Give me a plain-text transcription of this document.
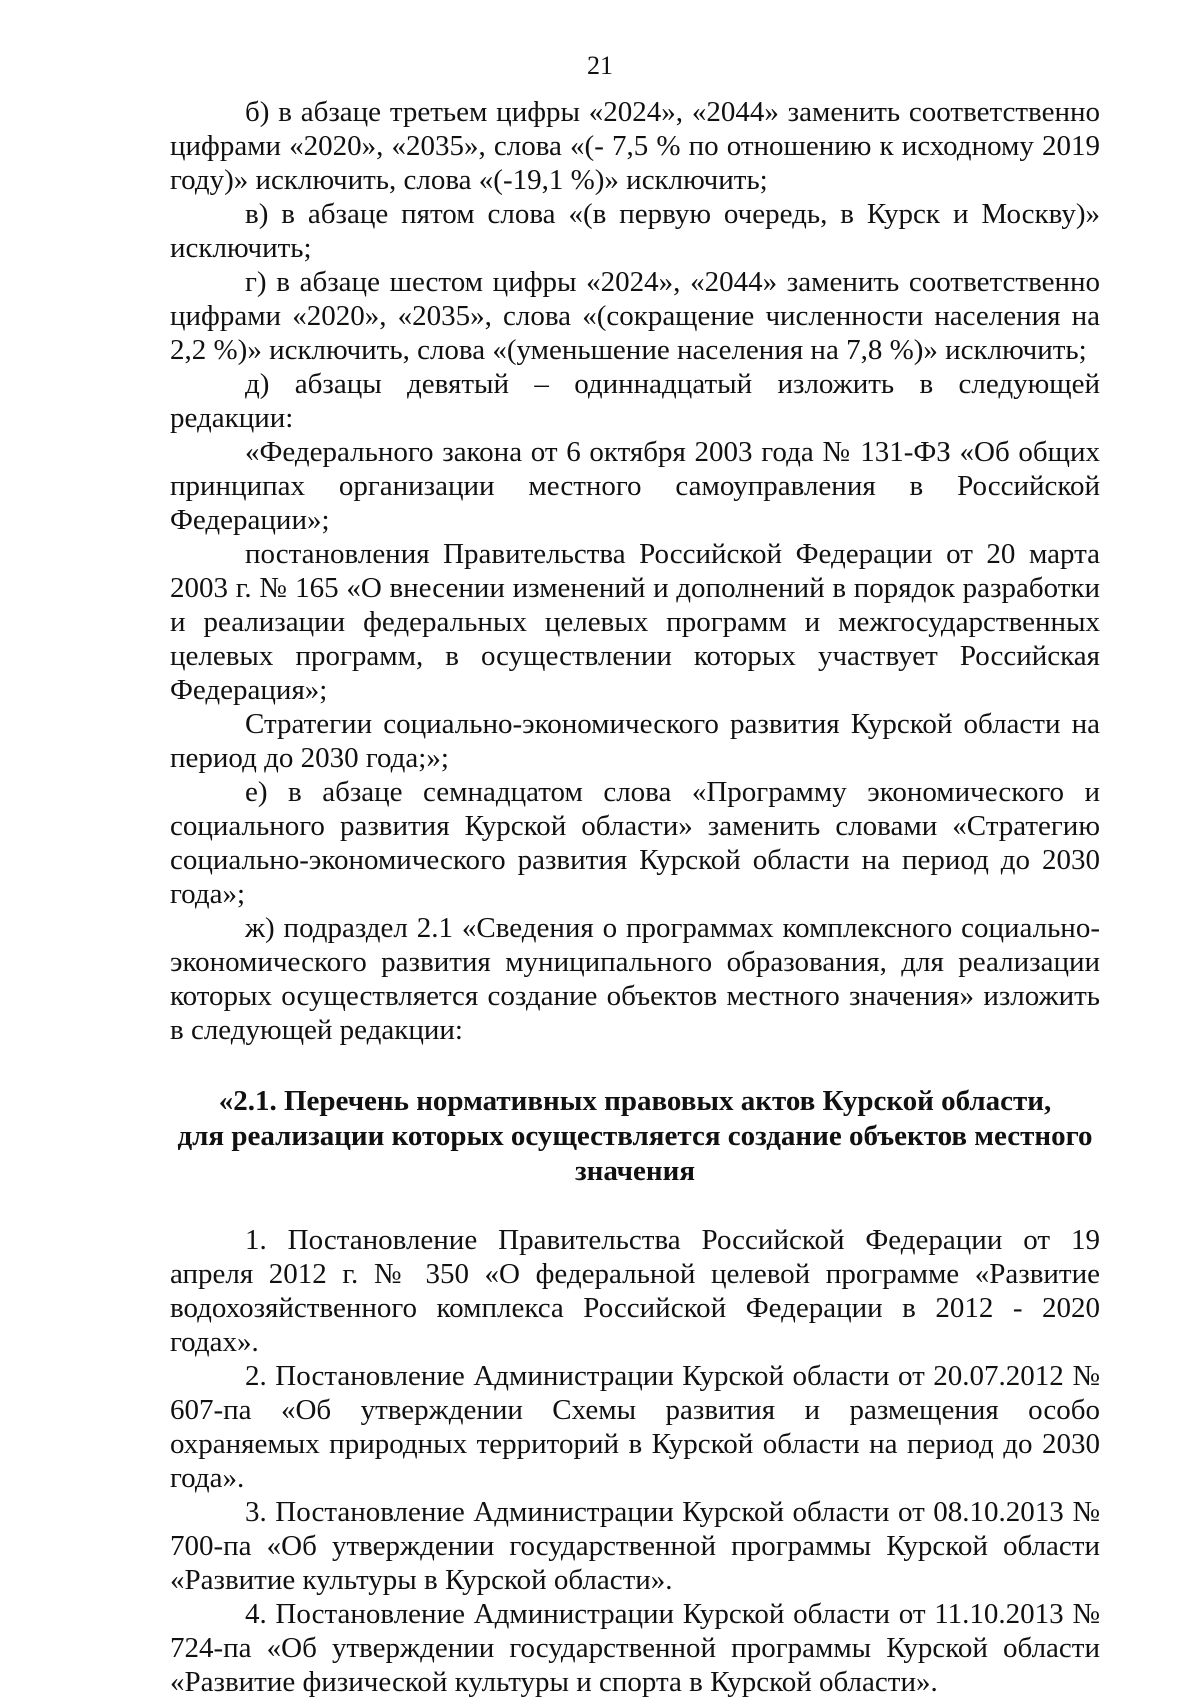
21

б) в абзаце третьем цифры «2024», «2044» заменить соответственно цифрами «2020», «2035», слова «(- 7,5 % по отношению к исходному 2019 году)» исключить, слова «(-19,1 %)» исключить;

в) в абзаце пятом слова «(в первую очередь, в Курск и Москву)» исключить;

г) в абзаце шестом цифры «2024», «2044» заменить соответственно цифрами «2020», «2035», слова «(сокращение численности населения на 2,2 %)» исключить, слова «(уменьшение населения на 7,8 %)» исключить;

д) абзацы девятый – одиннадцатый изложить в следующей редакции:

«Федерального закона от 6 октября 2003 года № 131-ФЗ «Об общих принципах организации местного самоуправления в Российской Федерации»;

постановления Правительства Российской Федерации от 20 марта 2003 г. № 165 «О внесении изменений и дополнений в порядок разработки и реализации федеральных целевых программ и межгосударственных целевых программ, в осуществлении которых участвует Российская Федерация»;

Стратегии социально-экономического развития Курской области на период до 2030 года;»;

е) в абзаце семнадцатом слова «Программу экономического и социального развития Курской области» заменить словами «Стратегию социально-экономического развития Курской области на период до 2030 года»;

ж) подраздел 2.1 «Сведения о программах комплексного социально-экономического развития муниципального образования, для реализации которых осуществляется создание объектов местного значения» изложить в следующей редакции:

«2.1. Перечень нормативных правовых актов Курской области,
для реализации которых осуществляется создание объектов местного
значения

1. Постановление Правительства Российской Федерации от 19 апреля 2012 г. № 350 «О федеральной целевой программе «Развитие водохозяйственного комплекса Российской Федерации в 2012 - 2020 годах».

2. Постановление Администрации Курской области от 20.07.2012 № 607-па «Об утверждении Схемы развития и размещения особо охраняемых природных территорий в Курской области на период до 2030 года».

3. Постановление Администрации Курской области от 08.10.2013 № 700-па «Об утверждении государственной программы Курской области «Развитие культуры в Курской области».

4. Постановление Администрации Курской области от 11.10.2013 № 724-па «Об утверждении государственной программы Курской области «Развитие физической культуры и спорта в Курской области».
